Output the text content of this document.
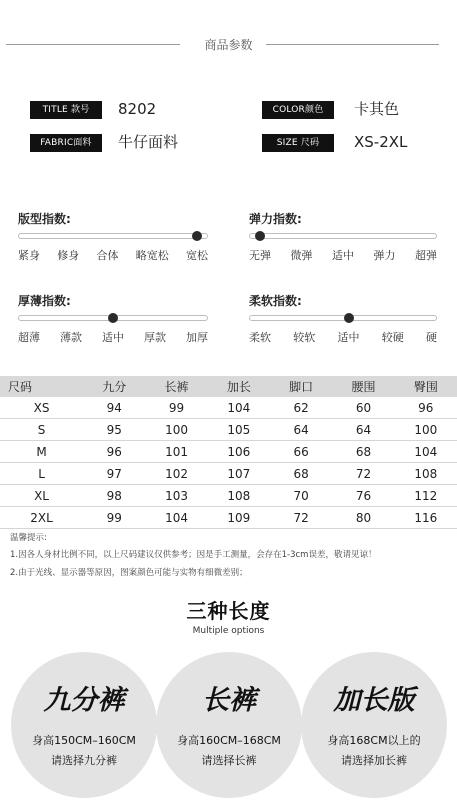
商品参数
TITLE 款号	8202	COLOR颜色	卡其色
FABRIC面料	牛仔面料	SIZE 尺码	XS-2XL
版型指数:
紧身 修身 合体 略宽松 宽松
弹力指数:
无弹 微弹 适中 弹力 超弹
厚薄指数:
超薄 薄款 适中 厚款 加厚
柔软指数:
柔软 较软 适中 较硬 硬
尺码	九分	长裤	加长	脚口	腰围	臀围
XS	94	99	104	62	60	96
S	95	100	105	64	64	100
M	96	101	106	66	68	104
L	97	102	107	68	72	108
XL	98	103	108	70	76	112
2XL	99	104	109	72	80	116
温馨提示:
1.因各人身材比例不同，以上尺码建议仅供参考；因是手工测量，会存在1-3cm误差，敬请见谅！
2.由于光线、显示器等原因，图案颜色可能与实物有细微差别；
三种长度
Multiple options
九分裤
身高150CM–160CM
请选择九分裤
长裤
身高160CM–168CM
请选择长裤
加长版
身高168CM以上的
请选择加长裤
